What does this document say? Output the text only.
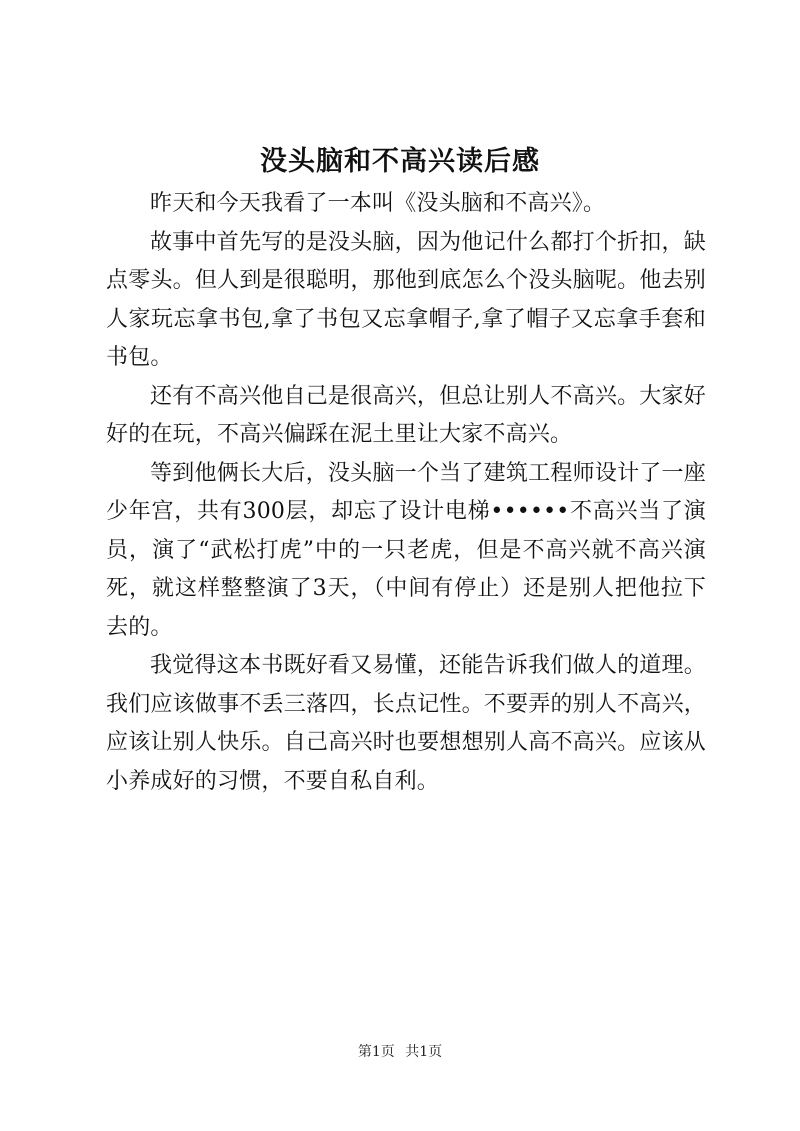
没头脑和不高兴读后感

昨天和今天我看了一本叫《没头脑和不高兴》。

故事中首先写的是没头脑，因为他记什么都打个折扣，缺点零头。但人到是很聪明，那他到底怎么个没头脑呢。他去别人家玩忘拿书包,拿了书包又忘拿帽子,拿了帽子又忘拿手套和书包。

还有不高兴他自己是很高兴，但总让别人不高兴。大家好好的在玩，不高兴偏踩在泥土里让大家不高兴。

等到他俩长大后，没头脑一个当了建筑工程师设计了一座少年宫，共有300层，却忘了设计电梯••••••不高兴当了演员，演了“武松打虎”中的一只老虎，但是不高兴就不高兴演死，就这样整整演了3天，（中间有停止）还是别人把他拉下去的。

我觉得这本书既好看又易懂，还能告诉我们做人的道理。我们应该做事不丢三落四，长点记性。不要弄的别人不高兴，应该让别人快乐。自己高兴时也要想想别人高不高兴。应该从小养成好的习惯，不要自私自利。

第1页 共1页
